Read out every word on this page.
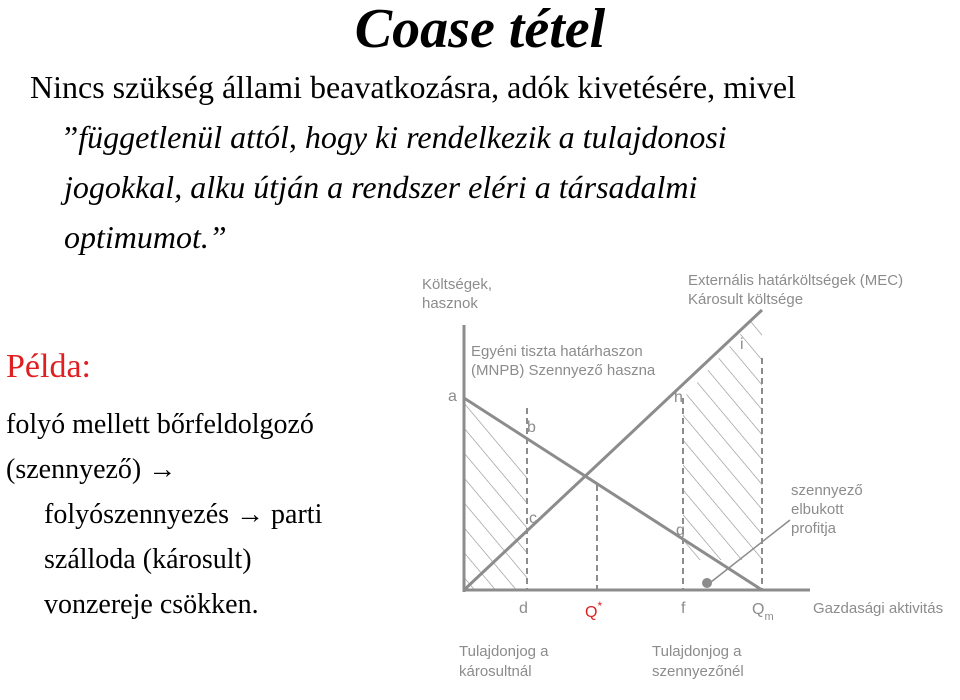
Coase tétel
Nincs szükség állami beavatkozásra, adók kivetésére, mivel
”függetlenül attól, hogy ki rendelkezik a tulajdonosi
jogokkal, alku útján a rendszer eléri a társadalmi
optimumot.”
Példa:
folyó mellett bőrfeldolgozó
(szennyező) →
folyószennyezés → parti
szálloda (károsult)
vonzereje csökken.
Költségek,
hasznok
Externális határköltségek (MEC)
Károsult költsége
Egyéni tiszta határhaszon
(MNPB) Szennyező haszna
a
b
c
d	f
g
h
i
Q*	$Q_m$	Gazdasági aktivitás
szennyező
elbukott
profitja
Tulajdonjog a
károsultnál
Tulajdonjog a
szennyezőnél
